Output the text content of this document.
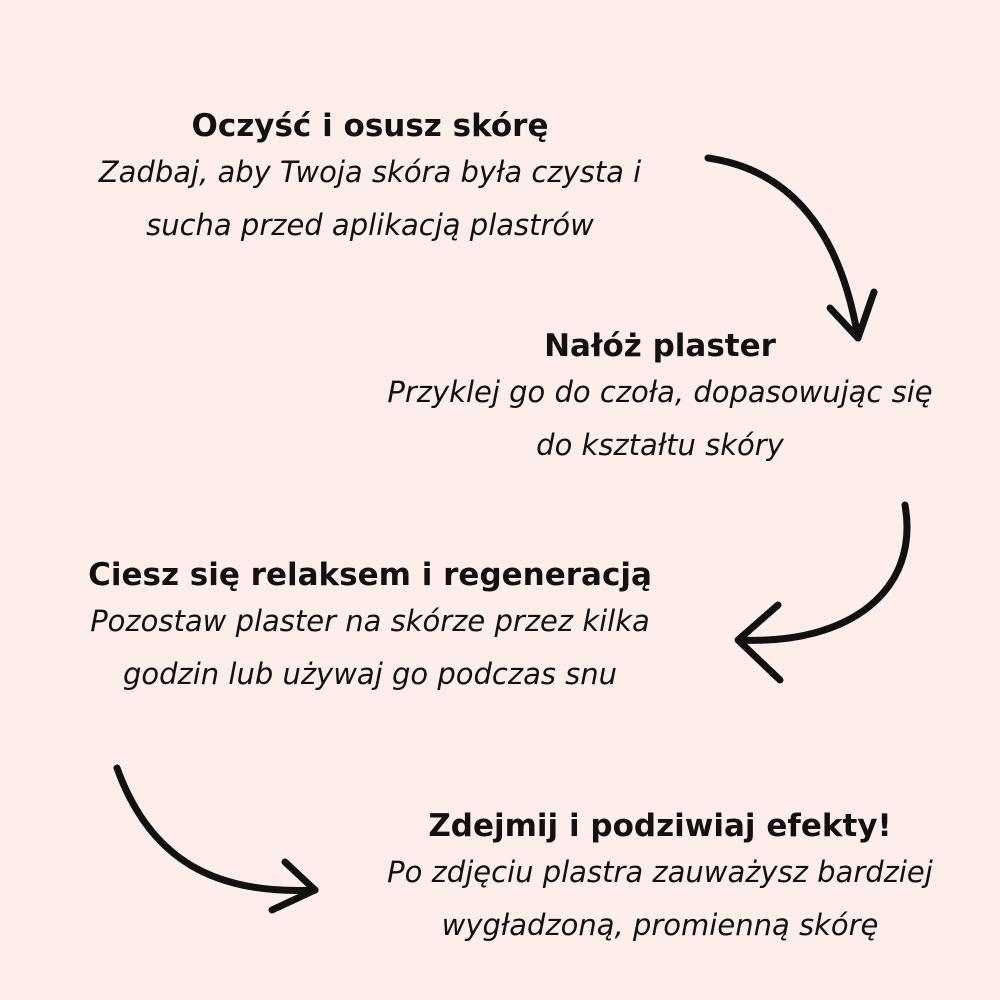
Oczyść i osusz skórę
Zadbaj, aby Twoja skóra była czysta i
sucha przed aplikacją plastrów
Nałóż plaster
Przyklej go do czoła, dopasowując się
do kształtu skóry
Ciesz się relaksem i regeneracją
Pozostaw plaster na skórze przez kilka
godzin lub używaj go podczas snu
Zdejmij i podziwiaj efekty!
Po zdjęciu plastra zauważysz bardziej
wygładzoną, promienną skórę
